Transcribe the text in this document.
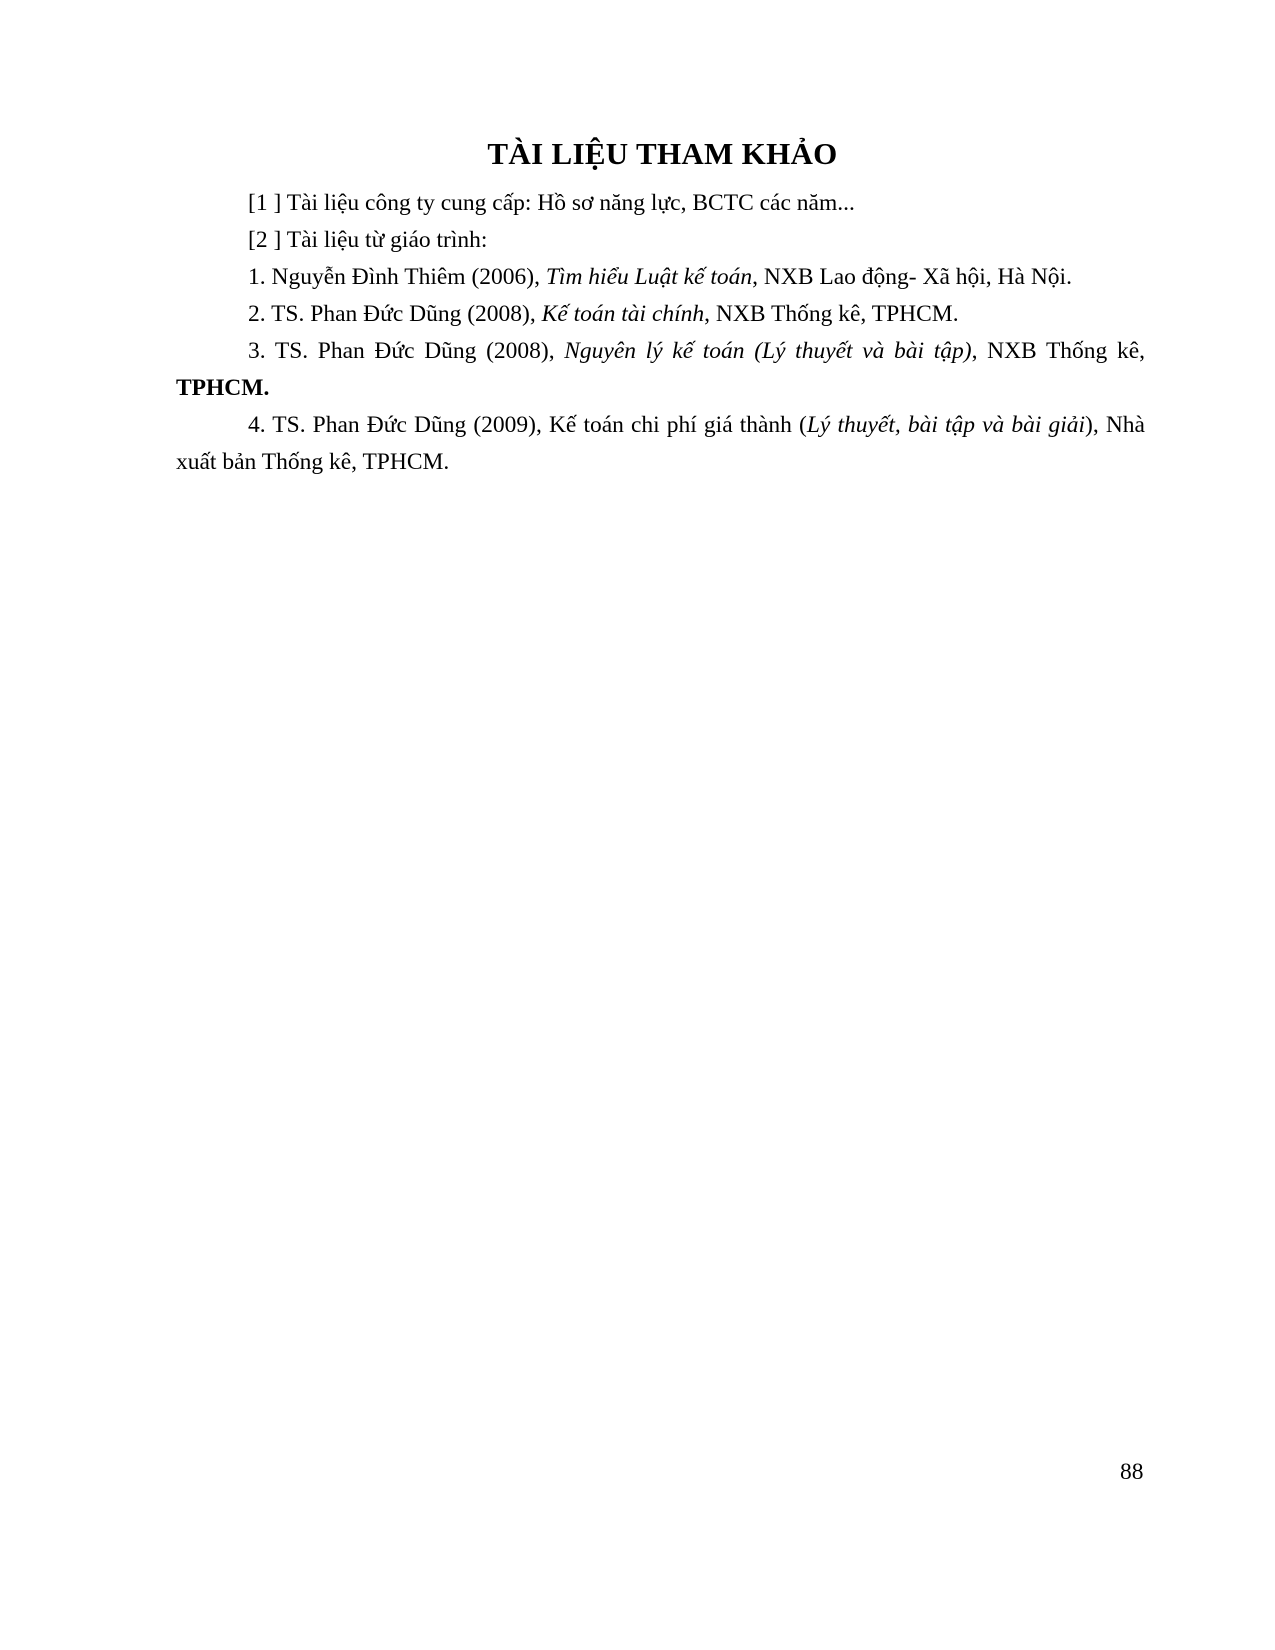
TÀI LIỆU THAM KHẢO

[1 ] Tài liệu công ty cung cấp: Hồ sơ năng lực, BCTC các năm...

[2 ] Tài liệu từ giáo trình:

1. Nguyễn Đình Thiêm (2006), Tìm hiểu Luật kế toán, NXB Lao động- Xã hội, Hà Nội.

2. TS. Phan Đức Dũng (2008), Kế toán tài chính, NXB Thống kê, TPHCM.

3. TS. Phan Đức Dũng (2008), Nguyên lý kế toán (Lý thuyết và bài tập), NXB Thống kê, TPHCM.

4. TS. Phan Đức Dũng (2009), Kế toán chi phí giá thành (Lý thuyết, bài tập và bài giải), Nhà xuất bản Thống kê, TPHCM.

88
